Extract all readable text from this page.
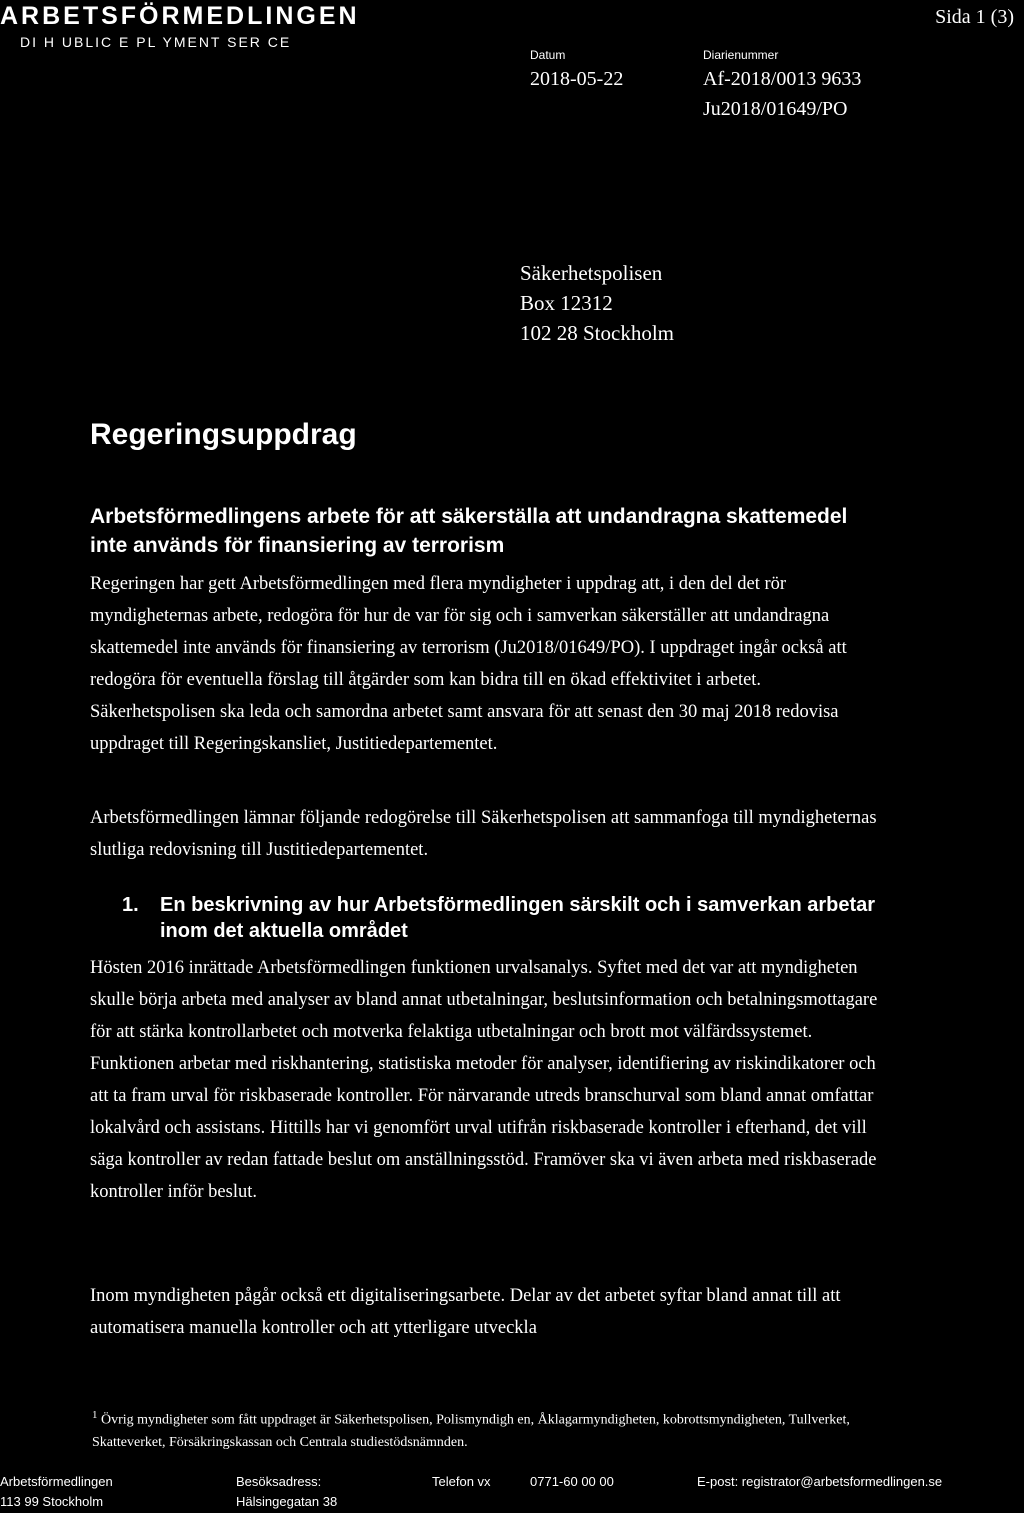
ARBETSFÖRMEDLINGEN
DI H UBLIC E PL YMENT SER CE
Sida 1 (3)
Datum
2018-05-22
Diarienummer
Af-2018/0013 9633
Ju2018/01649/PO
Säkerhetspolisen
Box 12312
102 28 Stockholm
Regeringsuppdrag
Arbetsförmedlingens arbete för att säkerställa att undandragna skattemedel inte används för finansiering av terrorism

Regeringen har gett Arbetsförmedlingen med flera myndigheter i uppdrag att, i den del det rör myndigheternas arbete, redogöra för hur de var för sig och i samverkan säkerställer att undandragna skattemedel inte används för finansiering av terrorism (Ju2018/01649/PO). I uppdraget ingår också att redogöra för eventuella förslag till åtgärder som kan bidra till en ökad effektivitet i arbetet. Säkerhetspolisen ska leda och samordna arbetet samt ansvara för att senast den 30 maj 2018 redovisa uppdraget till Regeringskansliet, Justitiedepartementet.

Arbetsförmedlingen lämnar följande redogörelse till Säkerhetspolisen att sammanfoga till myndigheternas slutliga redovisning till Justitiedepartementet.

1. En beskrivning av hur Arbetsförmedlingen särskilt och i samverkan arbetar inom det aktuella området

Hösten 2016 inrättade Arbetsförmedlingen funktionen urvalsanalys. Syftet med det var att myndigheten skulle börja arbeta med analyser av bland annat utbetalningar, beslutsinformation och betalningsmottagare för att stärka kontrollarbetet och motverka felaktiga utbetalningar och brott mot välfärdssystemet. Funktionen arbetar med riskhantering, statistiska metoder för analyser, identifiering av riskindikatorer och att ta fram urval för riskbaserade kontroller. För närvarande utreds branschurval som bland annat omfattar lokalvård och assistans. Hittills har vi genomfört urval utifrån riskbaserade kontroller i efterhand, det vill säga kontroller av redan fattade beslut om anställningsstöd. Framöver ska vi även arbeta med riskbaserade kontroller inför beslut.

Inom myndigheten pågår också ett digitaliseringsarbete. Delar av det arbetet syftar bland annat till att automatisera manuella kontroller och att ytterligare utveckla

$^1$ Övrig myndigheter som fått uppdraget är Säkerhetspolisen, Polismyndigh en, Åklagarmyndigheten, kobrottsmyndigheten, Tullverket, Skatteverket, Försäkringskassan och Centrala studiestödsnämnden.
Arbetsförmedlingen
113 99 Stockholm
Besöksadress:
Hälsingegatan 38
Telefon vx	0771-60 00 00	E-post: registrator@arbetsformedlingen.se
